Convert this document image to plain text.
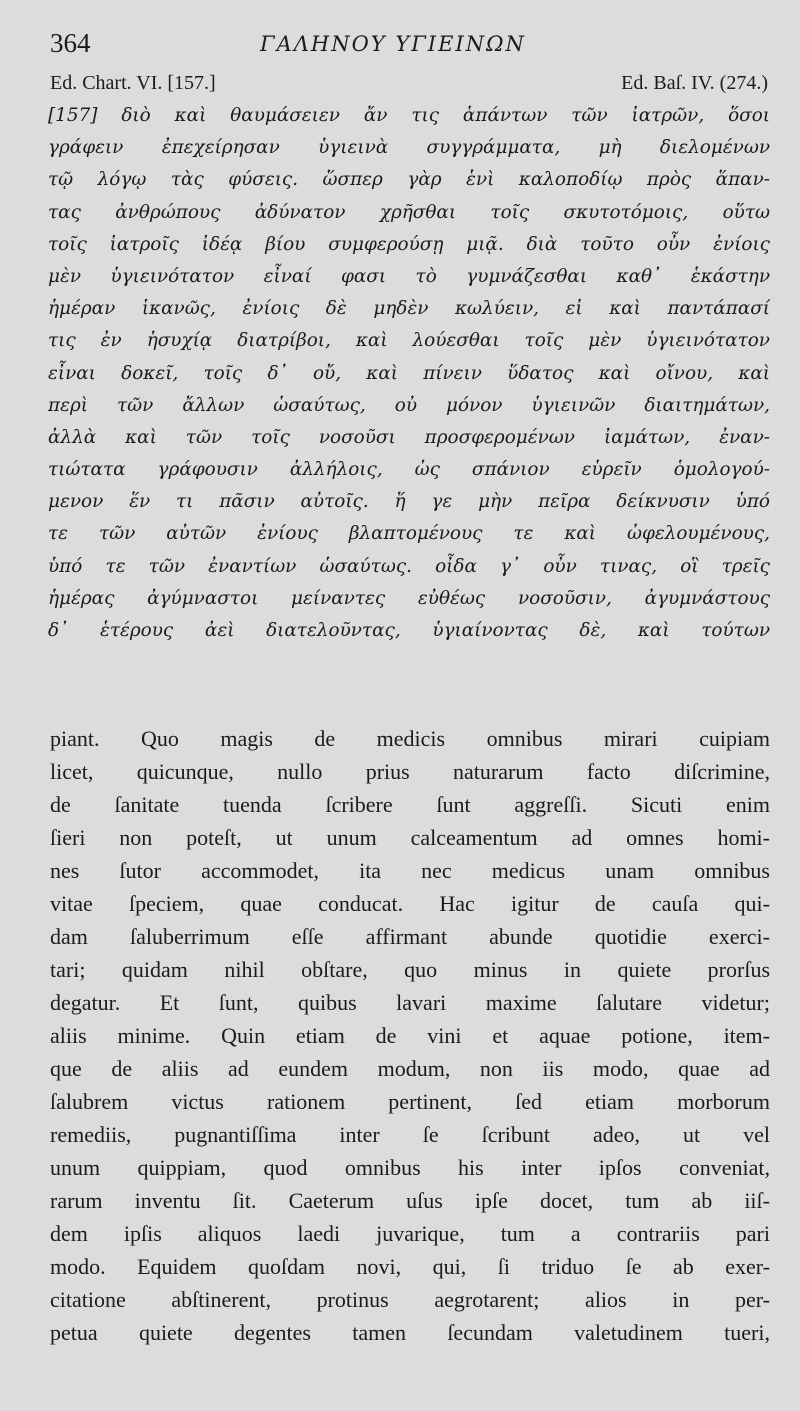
364	ΓΑΛΗΝΟΥ ΥΓΙΕΙΝΩΝ
Ed. Chart. VI. [157.]	Ed. Baſ. IV. (274.)
[157] διὸ καὶ θαυμάσειεν ἄν τις ἁπάντων τῶν ἰατρῶν, ὅσοι
γράφειν ἐπεχείρησαν ὑγιεινὰ συγγράμματα, μὴ διελομένων
τῷ λόγῳ τὰς φύσεις. ὥσπερ γὰρ ἑνὶ καλοποδίῳ πρὸς ἅπαν-
τας ἀνθρώπους ἀδύνατον χρῆσθαι τοῖς σκυτοτόμοις, οὕτω
τοῖς ἰατροῖς ἰδέᾳ βίου συμφερούσῃ μιᾷ. διὰ τοῦτο οὖν ἐνίοις
μὲν ὑγιεινότατον εἶναί φασι τὸ γυμνάζεσθαι καθ᾽ ἑκάστην
ἡμέραν ἱκανῶς, ἐνίοις δὲ μηδὲν κωλύειν, εἰ καὶ παντάπασί
τις ἐν ἡσυχίᾳ διατρίβοι, καὶ λούεσθαι τοῖς μὲν ὑγιεινότατον
εἶναι δοκεῖ, τοῖς δ᾽ οὔ, καὶ πίνειν ὕδατος καὶ οἴνου, καὶ
περὶ τῶν ἄλλων ὡσαύτως, οὐ μόνον ὑγιεινῶν διαιτημάτων,
ἀλλὰ καὶ τῶν τοῖς νοσοῦσι προσφερομένων ἰαμάτων, ἐναν-
τιώτατα γράφουσιν ἀλλήλοις, ὡς σπάνιον εὑρεῖν ὁμολογού-
μενον ἕν τι πᾶσιν αὐτοῖς. ἥ γε μὴν πεῖρα δείκνυσιν ὑπό
τε τῶν αὐτῶν ἐνίους βλαπτομένους τε καὶ ὠφελουμένους,
ὑπό τε τῶν ἐναντίων ὡσαύτως. οἶδα γ᾽ οὖν τινας, οἳ τρεῖς
ἡμέρας ἀγύμναστοι μείναντες εὐθέως νοσοῦσιν, ἀγυμνάστους
δ᾽ ἑτέρους ἀεὶ διατελοῦντας, ὑγιαίνοντας δὲ, καὶ τούτων
piant. Quo magis de medicis omnibus mirari cuipiam
licet, quicunque, nullo prius naturarum facto diſcrimine,
de ſanitate tuenda ſcribere ſunt aggreſſi. Sicuti enim
ſieri non poteſt, ut unum calceamentum ad omnes homi-
nes ſutor accommodet, ita nec medicus unam omnibus
vitae ſpeciem, quae conducat. Hac igitur de cauſa qui-
dam ſaluberrimum eſſe affirmant abunde quotidie exerci-
tari; quidam nihil obſtare, quo minus in quiete prorſus
degatur. Et ſunt, quibus lavari maxime ſalutare videtur;
aliis minime. Quin etiam de vini et aquae potione, item-
que de aliis ad eundem modum, non iis modo, quae ad
ſalubrem victus rationem pertinent, ſed etiam morborum
remediis, pugnantiſſima inter ſe ſcribunt adeo, ut vel
unum quippiam, quod omnibus his inter ipſos conveniat,
rarum inventu ſit. Caeterum uſus ipſe docet, tum ab iiſ-
dem ipſis aliquos laedi juvarique, tum a contrariis pari
modo. Equidem quoſdam novi, qui, ſi triduo ſe ab exer-
citatione abſtinerent, protinus aegrotarent; alios in per-
petua quiete degentes tamen ſecundam valetudinem tueri,
